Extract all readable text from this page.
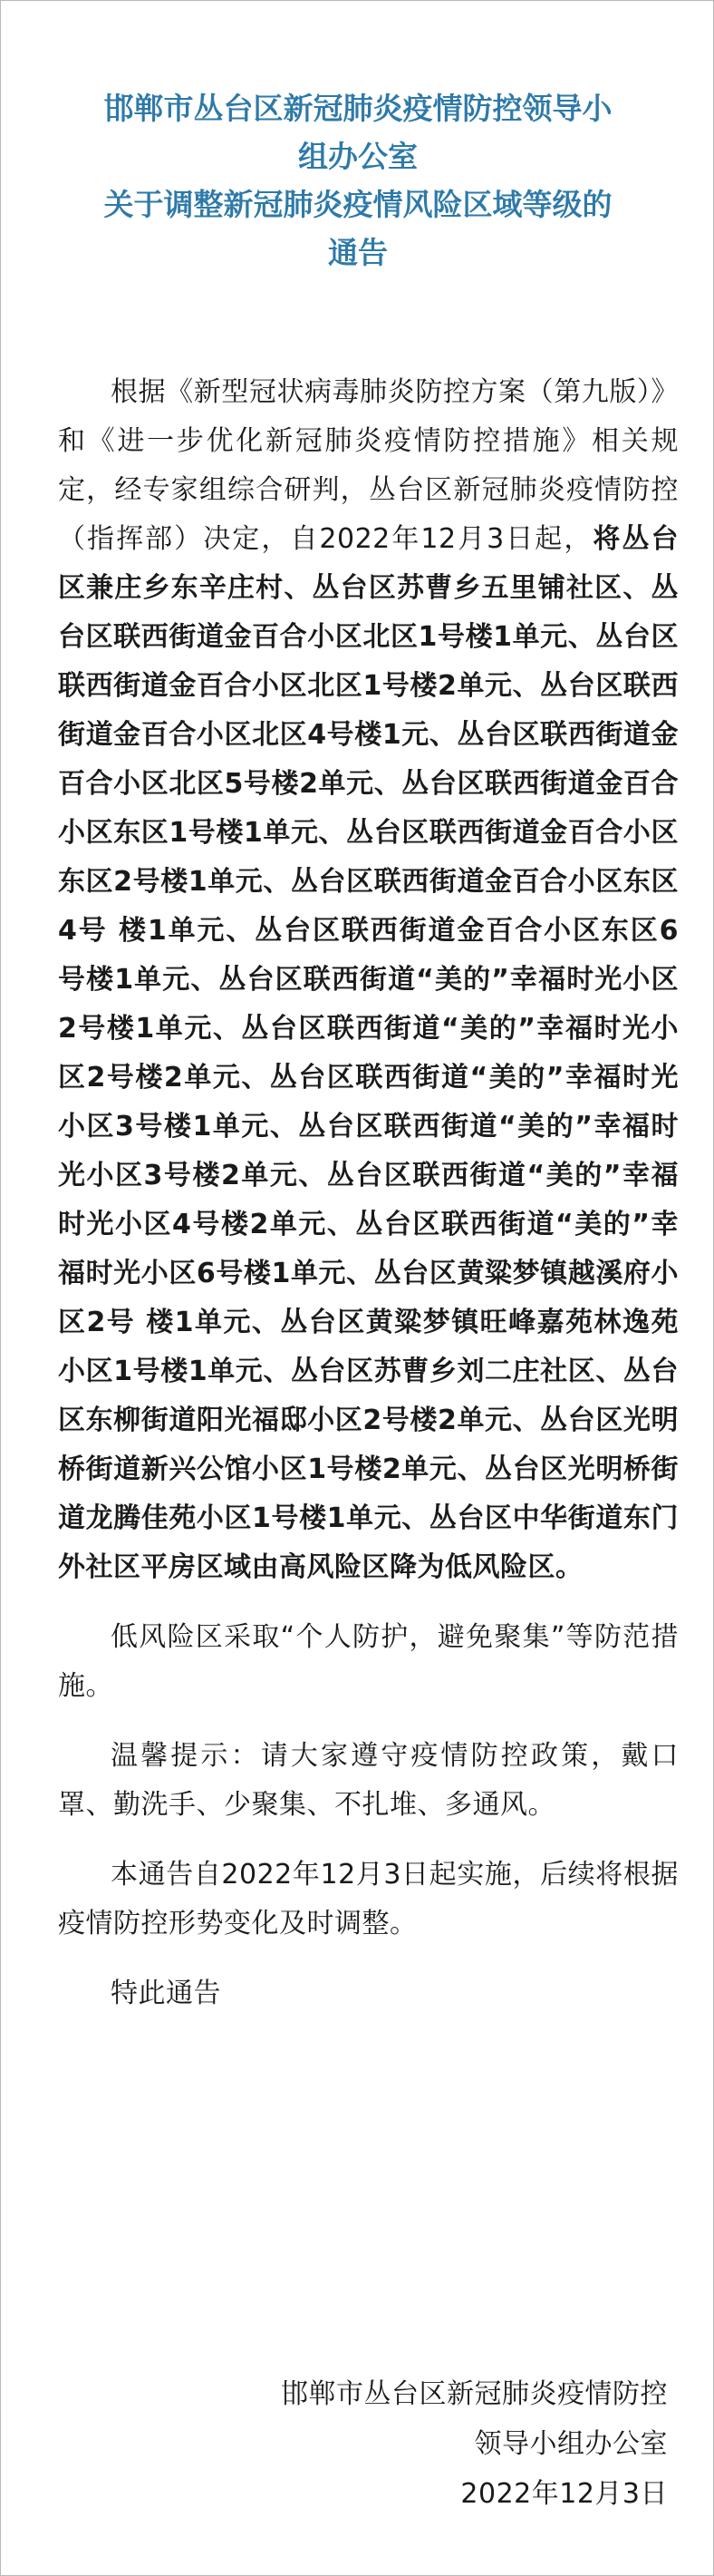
邯郸市丛台区新冠肺炎疫情防控领导小
组办公室
关于调整新冠肺炎疫情风险区域等级的
通告

根据《新型冠状病毒肺炎防控方案（第九版）》和《进一步优化新冠肺炎疫情防控措施》相关规定，经专家组综合研判，丛台区新冠肺炎疫情防控（指挥部）决定，自2022年12月3日起，将丛台区兼庄乡东辛庄村、丛台区苏曹乡五里铺社区、丛台区联西街道金百合小区北区1号楼1单元、丛台区联西街道金百合小区北区1号楼2单元、丛台区联西街道金百合小区北区4号楼1元、丛台区联西街道金百合小区北区5号楼2单元、丛台区联西街道金百合小区东区1号楼1单元、丛台区联西街道金百合小区东区2号楼1单元、丛台区联西街道金百合小区东区4号 楼1单元、丛台区联西街道金百合小区东区6号楼1单元、丛台区联西街道“美的”幸福时光小区2号楼1单元、丛台区联西街道“美的”幸福时光小区2号楼2单元、丛台区联西街道“美的”幸福时光小区3号楼1单元、丛台区联西街道“美的”幸福时光小区3号楼2单元、丛台区联西街道“美的”幸福时光小区4号楼2单元、丛台区联西街道“美的”幸福时光小区6号楼1单元、丛台区黄粱梦镇越溪府小区2号 楼1单元、丛台区黄粱梦镇旺峰嘉苑林逸苑小区1号楼1单元、丛台区苏曹乡刘二庄社区、丛台区东柳街道阳光福邸小区2号楼2单元、丛台区光明桥街道新兴公馆小区1号楼2单元、丛台区光明桥街道龙腾佳苑小区1号楼1单元、丛台区中华街道东门外社区平房区域由高风险区降为低风险区。

低风险区采取“个人防护，避免聚集”等防范措施。

温馨提示：请大家遵守疫情防控政策，戴口罩、勤洗手、少聚集、不扎堆、多通风。

本通告自2022年12月3日起实施，后续将根据疫情防控形势变化及时调整。

特此通告

邯郸市丛台区新冠肺炎疫情防控
领导小组办公室
2022年12月3日
